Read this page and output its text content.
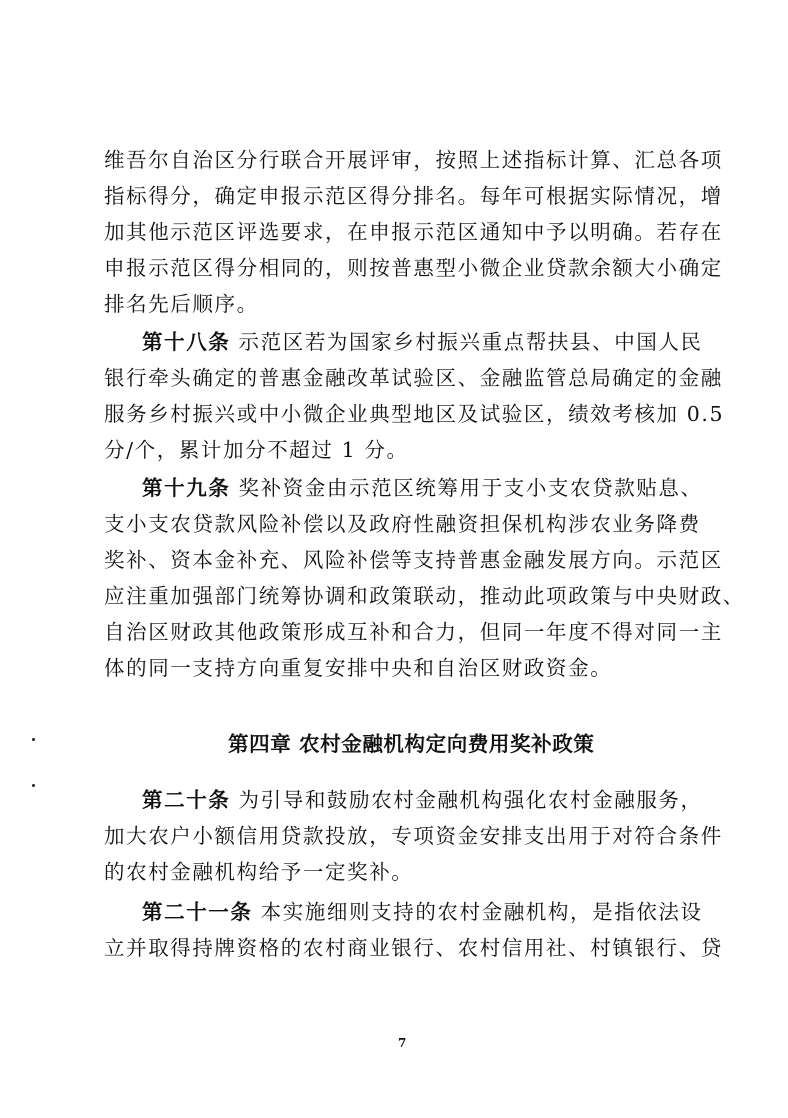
维吾尔自治区分行联合开展评审，按照上述指标计算、汇总各项
指标得分，确定申报示范区得分排名。每年可根据实际情况，增
加其他示范区评选要求，在申报示范区通知中予以明确。若存在
申报示范区得分相同的，则按普惠型小微企业贷款余额大小确定
排名先后顺序。
第十八条 示范区若为国家乡村振兴重点帮扶县、中国人民
银行牵头确定的普惠金融改革试验区、金融监管总局确定的金融
服务乡村振兴或中小微企业典型地区及试验区，绩效考核加 0.5
分/个，累计加分不超过 1 分。
第十九条 奖补资金由示范区统筹用于支小支农贷款贴息、
支小支农贷款风险补偿以及政府性融资担保机构涉农业务降费
奖补、资本金补充、风险补偿等支持普惠金融发展方向。示范区
应注重加强部门统筹协调和政策联动，推动此项政策与中央财政、
自治区财政其他政策形成互补和合力，但同一年度不得对同一主
体的同一支持方向重复安排中央和自治区财政资金。
第四章 农村金融机构定向费用奖补政策
第二十条 为引导和鼓励农村金融机构强化农村金融服务，
加大农户小额信用贷款投放，专项资金安排支出用于对符合条件
的农村金融机构给予一定奖补。
第二十一条 本实施细则支持的农村金融机构，是指依法设
立并取得持牌资格的农村商业银行、农村信用社、村镇银行、贷
7
